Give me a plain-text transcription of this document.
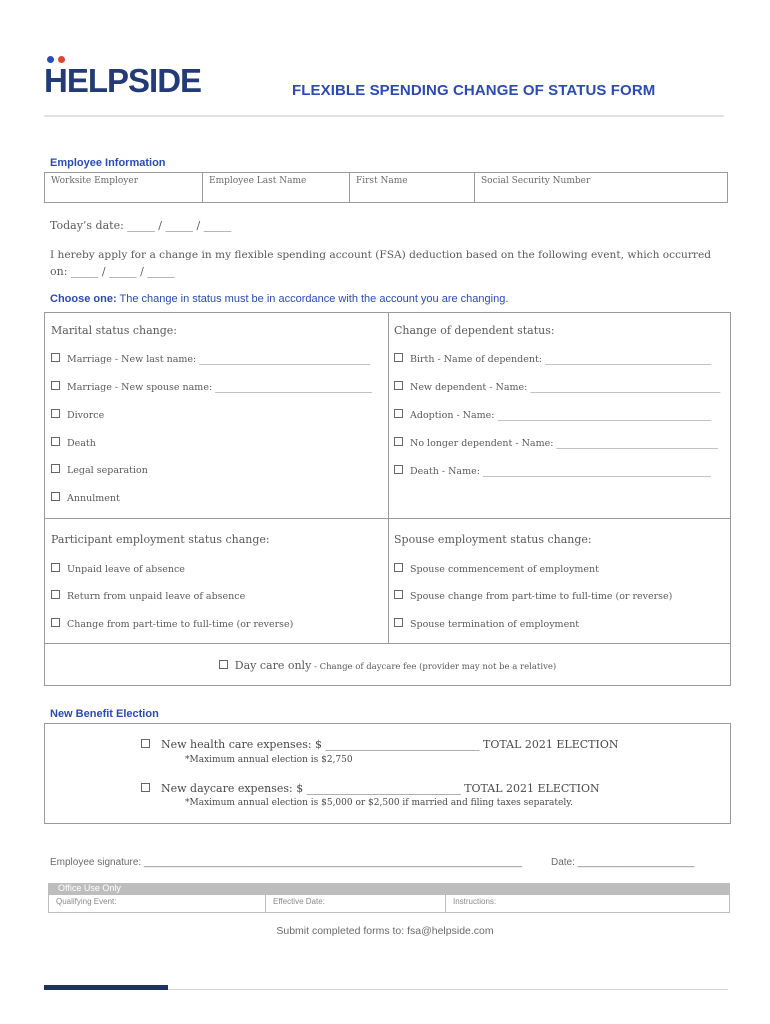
HELPSIDE	FLEXIBLE SPENDING CHANGE OF STATUS FORM
Employee Information
Worksite Employer	Employee Last Name	First Name	Social Security Number
Today’s date: _____ / _____ / _____
I hereby apply for a change in my flexible spending account (FSA) deduction based on the following event, which occurred
on: _____ / _____ / _____
Choose one: The change in status must be in accordance with the account you are changing.
Marital status change:
Marriage - New last name: ____________________________________
Marriage - New spouse name: _________________________________
Divorce
Death
Legal separation
Annulment
Change of dependent status:
Birth - Name of dependent: ___________________________________
New dependent - Name: ________________________________________
Adoption - Name: _____________________________________________
No longer dependent - Name: __________________________________
Death - Name: ________________________________________________
Participant employment status change:
Unpaid leave of absence
Return from unpaid leave of absence
Change from part-time to full-time (or reverse)
Spouse employment status change:
Spouse commencement of employment
Spouse change from part-time to full-time (or reverse)
Spouse termination of employment
Day care only - Change of daycare fee (provider may not be a relative)
New Benefit Election
New health care expenses: $ ____________________________ TOTAL 2021 ELECTION
*Maximum annual election is $2,750
New daycare expenses: $ ____________________________ TOTAL 2021 ELECTION
*Maximum annual election is $5,000 or $2,500 if married and filing taxes separately.
Employee signature: ____________________________________________________________________	Date: _____________________
Office Use Only
Qualifying Event:	Effective Date:	Instructions:
Submit completed forms to: fsa@helpside.com
